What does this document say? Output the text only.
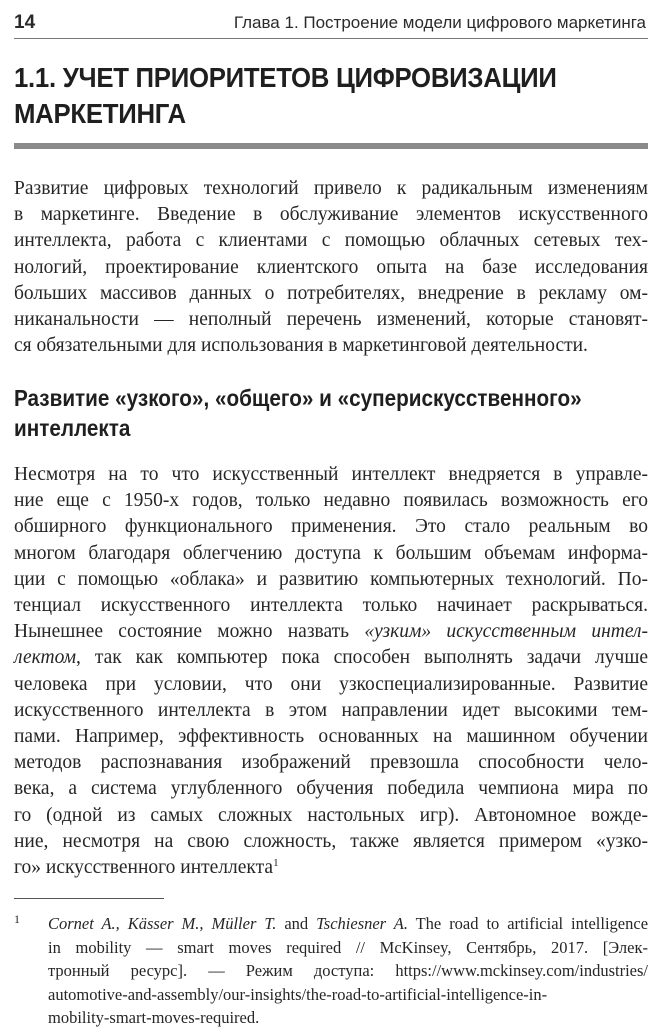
14	Глава 1. Построение модели цифрового маркетинга
1.1. УЧЕТ ПРИОРИТЕТОВ ЦИФРОВИЗАЦИИ МАРКЕТИНГА

Развитие цифровых технологий привело к радикальным изменениям
в маркетинге. Введение в обслуживание элементов искусственного
интеллекта, работа с клиентами с помощью облачных сетевых тех-
нологий, проектирование клиентского опыта на базе исследования
больших массивов данных о потребителях, внедрение в рекламу ом-
никанальности — неполный перечень изменений, которые становят-
ся обязательными для использования в маркетинговой деятельности.

Развитие «узкого», «общего» и «суперискусственного»
интеллекта

Несмотря на то что искусственный интеллект внедряется в управле-
ние еще с 1950-х годов, только недавно появилась возможность его
обширного функционального применения. Это стало реальным во
многом благодаря облегчению доступа к большим объемам информа-
ции с помощью «облака» и развитию компьютерных технологий. По-
тенциал искусственного интеллекта только начинает раскрываться.
Нынешнее состояние можно назвать «узким» искусственным интел-
лектом, так как компьютер пока способен выполнять задачи лучше
человека при условии, что они узкоспециализированные. Развитие
искусственного интеллекта в этом направлении идет высокими тем-
пами. Например, эффективность основанных на машинном обучении
методов распознавания изображений превзошла способности чело-
века, а система углубленного обучения победила чемпиона мира по
го (одной из самых сложных настольных игр). Автономное вожде-
ние, несмотря на свою сложность, также является примером «узко-
го» искусственного интеллекта$^1$

1 Cornet A., Kässer M., Müller T. and Tschiesner A. The road to artificial intelligence
in mobility — smart moves required // McKinsey, Сентябрь, 2017. [Элек-
тронный ресурс]. — Режим доступа: https://www.mckinsey.com/industries/
automotive-and-assembly/our-insights/the-road-to-artificial-intelligence-in-
mobility-smart-moves-required.
